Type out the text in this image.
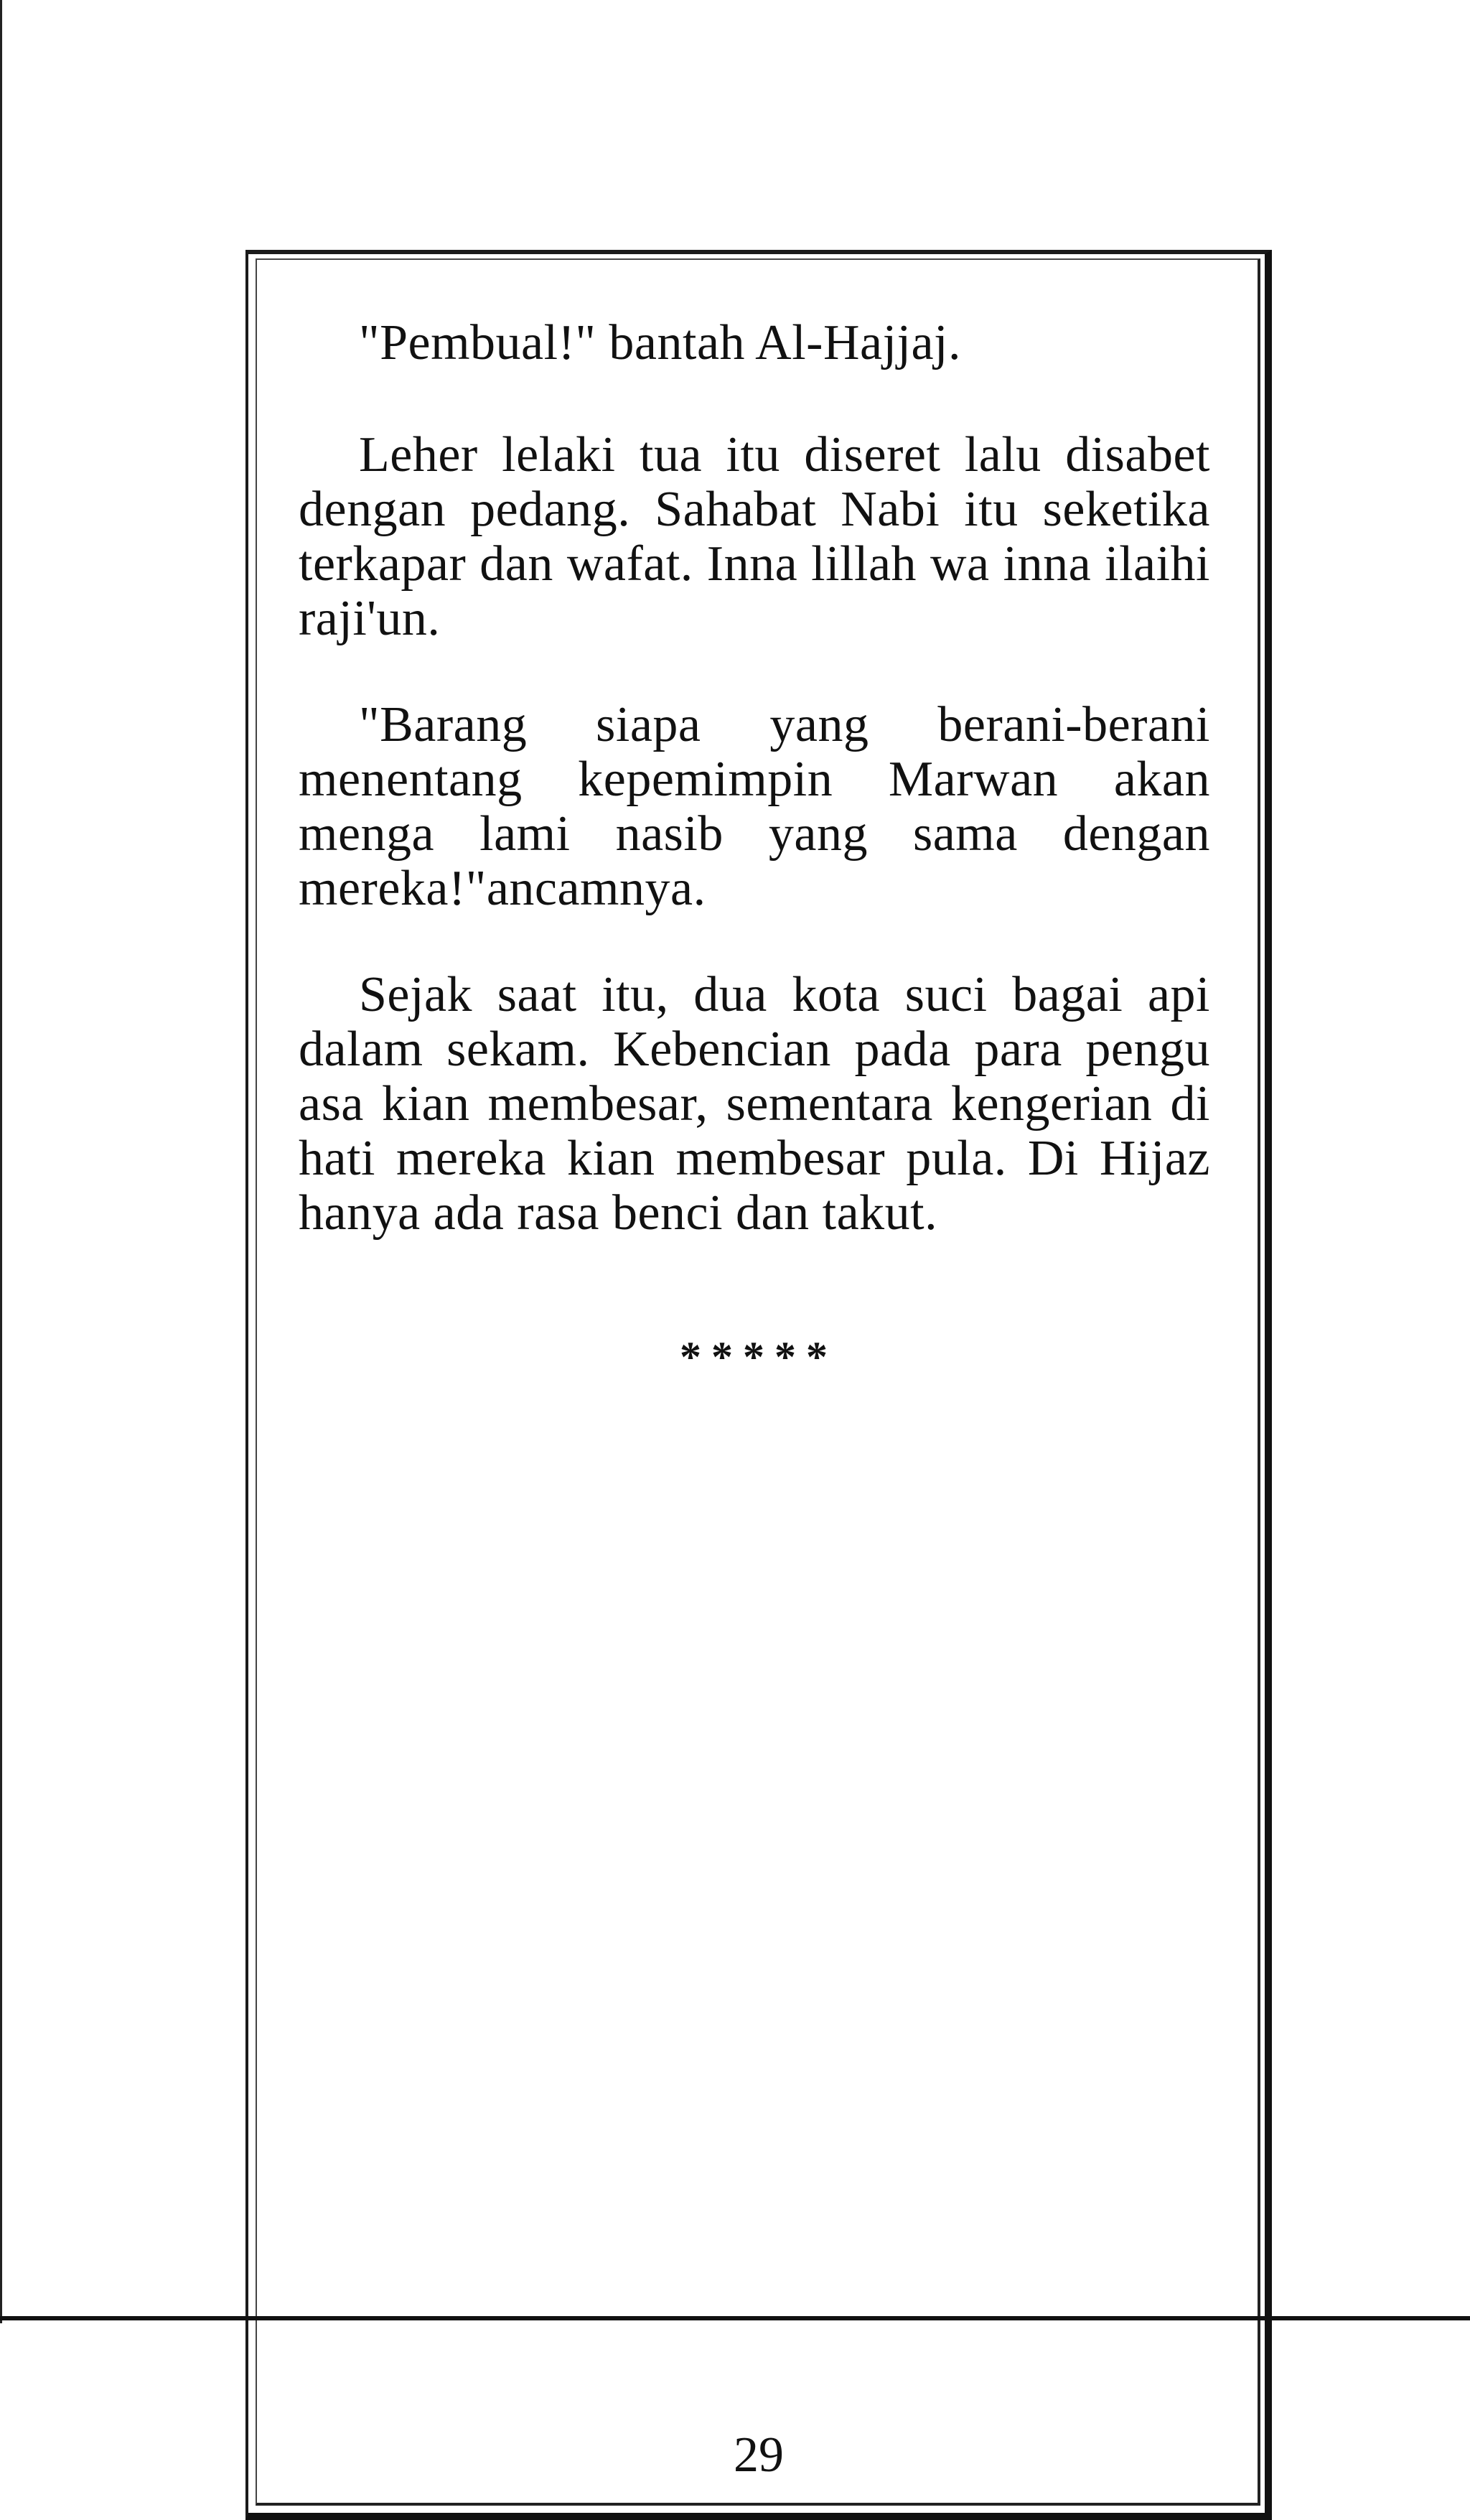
"Pembual!" bantah Al-Hajjaj.

Leher lelaki tua itu diseret lalu disabet dengan pedang. Sahabat Nabi itu seketika terkapar dan wafat. Inna lillah wa inna ilaihi raji'un.

"Barang siapa yang berani-berani menentang kepemimpin Marwan akan menga lami nasib yang sama dengan mereka!"ancamnya.

Sejak saat itu, dua kota suci bagai api dalam sekam. Kebencian pada para pengu asa kian membesar, sementara kengerian di hati mereka kian membesar pula. Di Hijaz hanya ada rasa benci dan takut.

*****
29
